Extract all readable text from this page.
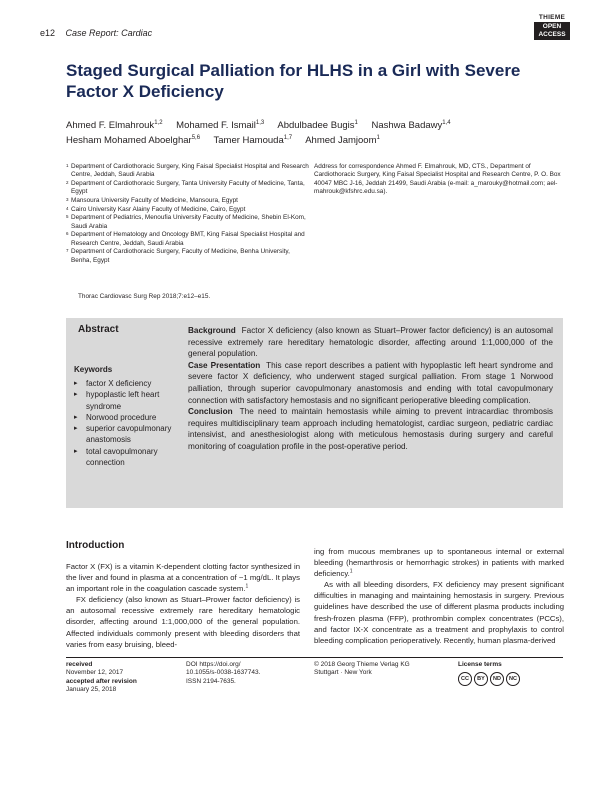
e12 Case Report: Cardiac
THIEME
OPEN ACCESS
Staged Surgical Palliation for HLHS in a Girl with Severe Factor X Deficiency
Ahmed F. Elmahrouk$^{1,2}$ Mohamed F. Ismail$^{1,3}$ Abdulbadee Bugis$^1$ Nashwa Badawy$^{1,4}$ Hesham Mohamed Aboelghar$^{5,6}$ Tamer Hamouda$^{1,7}$ Ahmed Jamjoom$^1$
1 Department of Cardiothoracic Surgery, King Faisal Specialist Hospital and Research Centre, Jeddah, Saudi Arabia
2 Department of Cardiothoracic Surgery, Tanta University Faculty of Medicine, Tanta, Egypt
3 Mansoura University Faculty of Medicine, Mansoura, Egypt
4 Cairo University Kasr Alainy Faculty of Medicine, Cairo, Egypt
5 Department of Pediatrics, Menoufia University Faculty of Medicine, Shebin El-Kom, Saudi Arabia
6 Department of Hematology and Oncology BMT, King Faisal Specialist Hospital and Research Centre, Jeddah, Saudi Arabia
7 Department of Cardiothoracic Surgery, Faculty of Medicine, Benha University, Benha, Egypt
Address for correspondence Ahmed F. Elmahrouk, MD, CTS., Department of Cardiothoracic Surgery, King Faisal Specialist Hospital and Research Centre, P. O. Box 40047 MBC J-16, Jeddah 21499, Saudi Arabia (e-mail: a_marouky@hotmail.com; ael-mahrouk@kfshrc.edu.sa).
Thorac Cardiovasc Surg Rep 2018;7:e12–e15.
Abstract
Keywords
▸ factor X deficiency
▸ hypoplastic left heart syndrome
▸ Norwood procedure
▸ superior cavopulmonary anastomosis
▸ total cavopulmonary connection

Background Factor X deficiency (also known as Stuart–Prower factor deficiency) is an autosomal recessive extremely rare hereditary hematologic disorder, affecting around 1:1,000,000 of the general population.

Case Presentation This case report describes a patient with hypoplastic left heart syndrome and severe factor X deficiency, who underwent staged surgical palliation. From stage 1 Norwood palliation, through superior cavopulmonary anastomosis and ending with total cavopulmonary connection with satisfactory hemostasis and no significant perioperative bleeding complication.

Conclusion The need to maintain hemostasis while aiming to prevent intracardiac thrombosis requires multidisciplinary team approach including hematologist, cardiac surgeon, pediatric cardiac intensivist, and anesthesiologist along with meticulous hemostasis during surgery and careful monitoring of coagulation profile in the post-operative period.

Introduction

Factor X (FX) is a vitamin K-dependent clotting factor synthesized in the liver and found in plasma at a concentration of ~1 mg/dL. It plays an important role in the coagulation cascade system.$^1$

FX deficiency (also known as Stuart–Prower factor deficiency) is an autosomal recessive extremely rare hereditary hematologic disorder, affecting around 1:1,000,000 of the general population. Affected individuals commonly present with bleeding disorders that varies from easy bruising, bleed-

ing from mucous membranes up to spontaneous internal or external bleeding (hemarthrosis or hemorrhagic strokes) in patients with marked deficiency.$^1$

As with all bleeding disorders, FX deficiency may present significant difficulties in managing and maintaining hemostasis in surgery. Previous guidelines have described the use of different plasma products including fresh-frozen plasma (FFP), prothrombin complex concentrates (PCCs), and factor IX-X concentrate as a treatment and prophylaxis to control bleeding complication perioperatively. Recently, human plasma-derived

received
November 12, 2017
accepted after revision
January 25, 2018
DOI https://doi.org/
10.1055/s-0038-1637743.
ISSN 2194-7635.
© 2018 Georg Thieme Verlag KG
Stuttgart · New York
License terms
CC	BY	ND	NC
